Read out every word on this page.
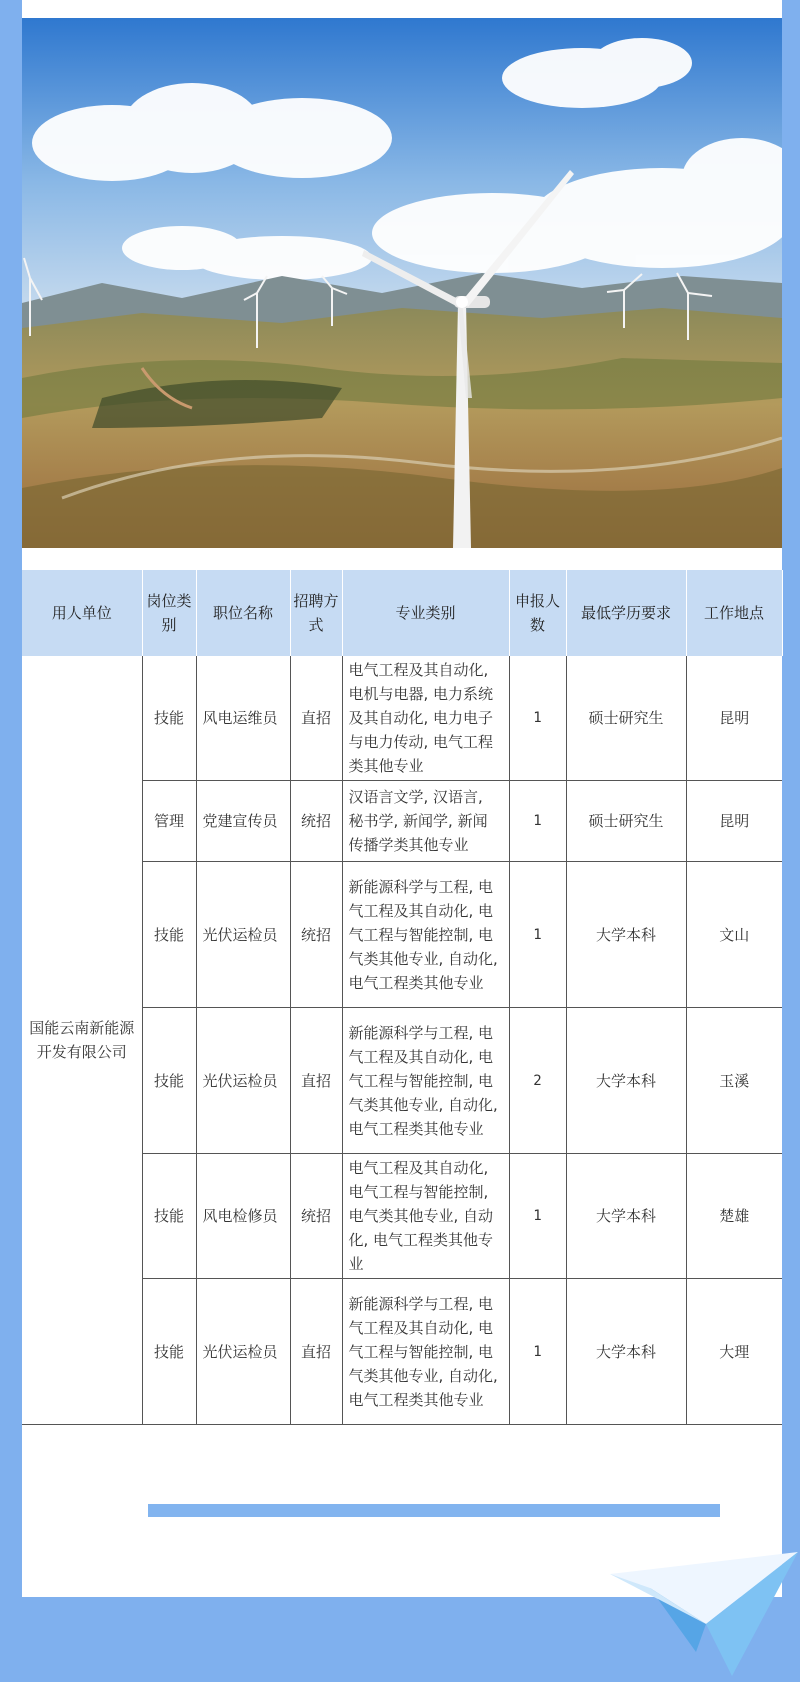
用人单位	岗位类别	职位名称	招聘方式	专业类别	申报人数	最低学历要求	工作地点
国能云南新能源开发有限公司	技能	风电运维员	直招	电气工程及其自动化, 电机与电器, 电力系统及其自动化, 电力电子与电力传动, 电气工程类其他专业	1	硕士研究生	昆明
	管理	党建宣传员	统招	汉语言文学, 汉语言, 秘书学, 新闻学, 新闻传播学类其他专业	1	硕士研究生	昆明
	技能	光伏运检员	统招	新能源科学与工程, 电气工程及其自动化, 电气工程与智能控制, 电气类其他专业, 自动化, 电气工程类其他专业	1	大学本科	文山
	技能	光伏运检员	直招	新能源科学与工程, 电气工程及其自动化, 电气工程与智能控制, 电气类其他专业, 自动化, 电气工程类其他专业	2	大学本科	玉溪
	技能	风电检修员	统招	电气工程及其自动化, 电气工程与智能控制, 电气类其他专业, 自动化, 电气工程类其他专业	1	大学本科	楚雄
	技能	光伏运检员	直招	新能源科学与工程, 电气工程及其自动化, 电气工程与智能控制, 电气类其他专业, 自动化, 电气工程类其他专业	1	大学本科	大理
